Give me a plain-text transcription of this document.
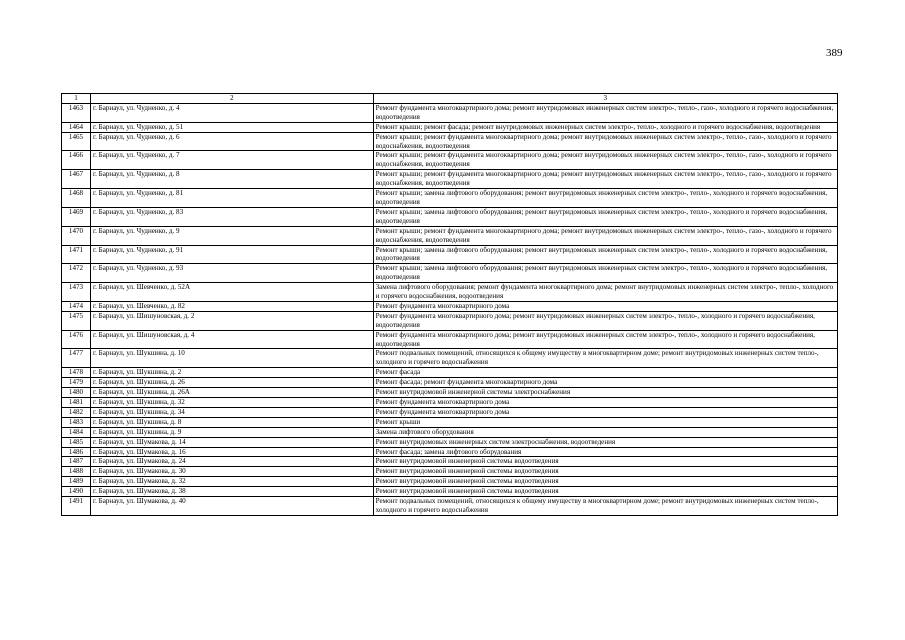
389
1	2	3
1463	г. Барнаул, ул. Чудненко, д. 4	Ремонт фундамента многоквартирного дома; ремонт внутридомовых инженерных систем электро-, тепло-, газо-, холодного и горячего водоснабжения, водоотведения
1464	г. Барнаул, ул. Чудненко, д. 51	Ремонт крыши; ремонт фасада; ремонт внутридомовых инженерных систем электро-, тепло-, холодного и горячего водоснабжения, водоотведения
1465	г. Барнаул, ул. Чудненко, д. 6	Ремонт крыши; ремонт фундамента многоквартирного дома; ремонт внутридомовых инженерных систем электро-, тепло-, газо-, холодного и горячего водоснабжения, водоотведения
1466	г. Барнаул, ул. Чудненко, д. 7	Ремонт крыши; ремонт фундамента многоквартирного дома; ремонт внутридомовых инженерных систем электро-, тепло-, газо-, холодного и горячего водоснабжения, водоотведения
1467	г. Барнаул, ул. Чудненко, д. 8	Ремонт крыши; ремонт фундамента многоквартирного дома; ремонт внутридомовых инженерных систем электро-, тепло-, газо-, холодного и горячего водоснабжения, водоотведения
1468	г. Барнаул, ул. Чудненко, д. 81	Ремонт крыши; замена лифтового оборудования; ремонт внутридомовых инженерных систем электро-, тепло-, холодного и горячего водоснабжения, водоотведения
1469	г. Барнаул, ул. Чудненко, д. 83	Ремонт крыши; замена лифтового оборудования; ремонт внутридомовых инженерных систем электро-, тепло-, холодного и горячего водоснабжения, водоотведения
1470	г. Барнаул, ул. Чудненко, д. 9	Ремонт крыши; ремонт фундамента многоквартирного дома; ремонт внутридомовых инженерных систем электро-, тепло-, газо-, холодного и горячего водоснабжения, водоотведения
1471	г. Барнаул, ул. Чудненко, д. 91	Ремонт крыши; замена лифтового оборудования; ремонт внутридомовых инженерных систем электро-, тепло-, холодного и горячего водоснабжения, водоотведения
1472	г. Барнаул, ул. Чудненко, д. 93	Ремонт крыши; замена лифтового оборудования; ремонт внутридомовых инженерных систем электро-, тепло-, холодного и горячего водоснабжения, водоотведения
1473	г. Барнаул, ул. Шевченко, д. 52А	Замена лифтового оборудования; ремонт фундамента многоквартирного дома; ремонт внутридомовых инженерных систем электро-, тепло-, холодного и горячего водоснабжения, водоотведения
1474	г. Барнаул, ул. Шевченко, д. 82	Ремонт фундамента многоквартирного дома
1475	г. Барнаул, ул. Шишуновская, д. 2	Ремонт фундамента многоквартирного дома; ремонт внутридомовых инженерных систем электро-, тепло-, холодного и горячего водоснабжения, водоотведения
1476	г. Барнаул, ул. Шишуновская, д. 4	Ремонт фундамента многоквартирного дома; ремонт внутридомовых инженерных систем электро-, тепло-, холодного и горячего водоснабжения, водоотведения
1477	г. Барнаул, ул. Шукшина, д. 10	Ремонт подвальных помещений, относящихся к общему имуществу в многоквартирном доме; ремонт внутридомовых инженерных систем тепло-, холодного и горячего водоснабжения
1478	г. Барнаул, ул. Шукшина, д. 2	Ремонт фасада
1479	г. Барнаул, ул. Шукшина, д. 26	Ремонт фасада; ремонт фундамента многоквартирного дома
1480	г. Барнаул, ул. Шукшина, д. 26А	Ремонт внутридомовой инженерной системы электроснабжения
1481	г. Барнаул, ул. Шукшина, д. 32	Ремонт фундамента многоквартирного дома
1482	г. Барнаул, ул. Шукшина, д. 34	Ремонт фундамента многоквартирного дома
1483	г. Барнаул, ул. Шукшина, д. 8	Ремонт крыши
1484	г. Барнаул, ул. Шукшина, д. 9	Замена лифтового оборудования
1485	г. Барнаул, ул. Шумакова, д. 14	Ремонт внутридомовых инженерных систем электроснабжения, водоотведения
1486	г. Барнаул, ул. Шумакова, д. 16	Ремонт фасада; замена лифтового оборудования
1487	г. Барнаул, ул. Шумакова, д. 24	Ремонт внутридомовой инженерной системы водоотведения
1488	г. Барнаул, ул. Шумакова, д. 30	Ремонт внутридомовой инженерной системы водоотведения
1489	г. Барнаул, ул. Шумакова, д. 32	Ремонт внутридомовой инженерной системы водоотведения
1490	г. Барнаул, ул. Шумакова, д. 38	Ремонт внутридомовой инженерной системы водоотведения
1491	г. Барнаул, ул. Шумакова, д. 40	Ремонт подвальных помещений, относящихся к общему имуществу в многоквартирном доме; ремонт внутридомовых инженерных систем тепло-, холодного и горячего водоснабжения
